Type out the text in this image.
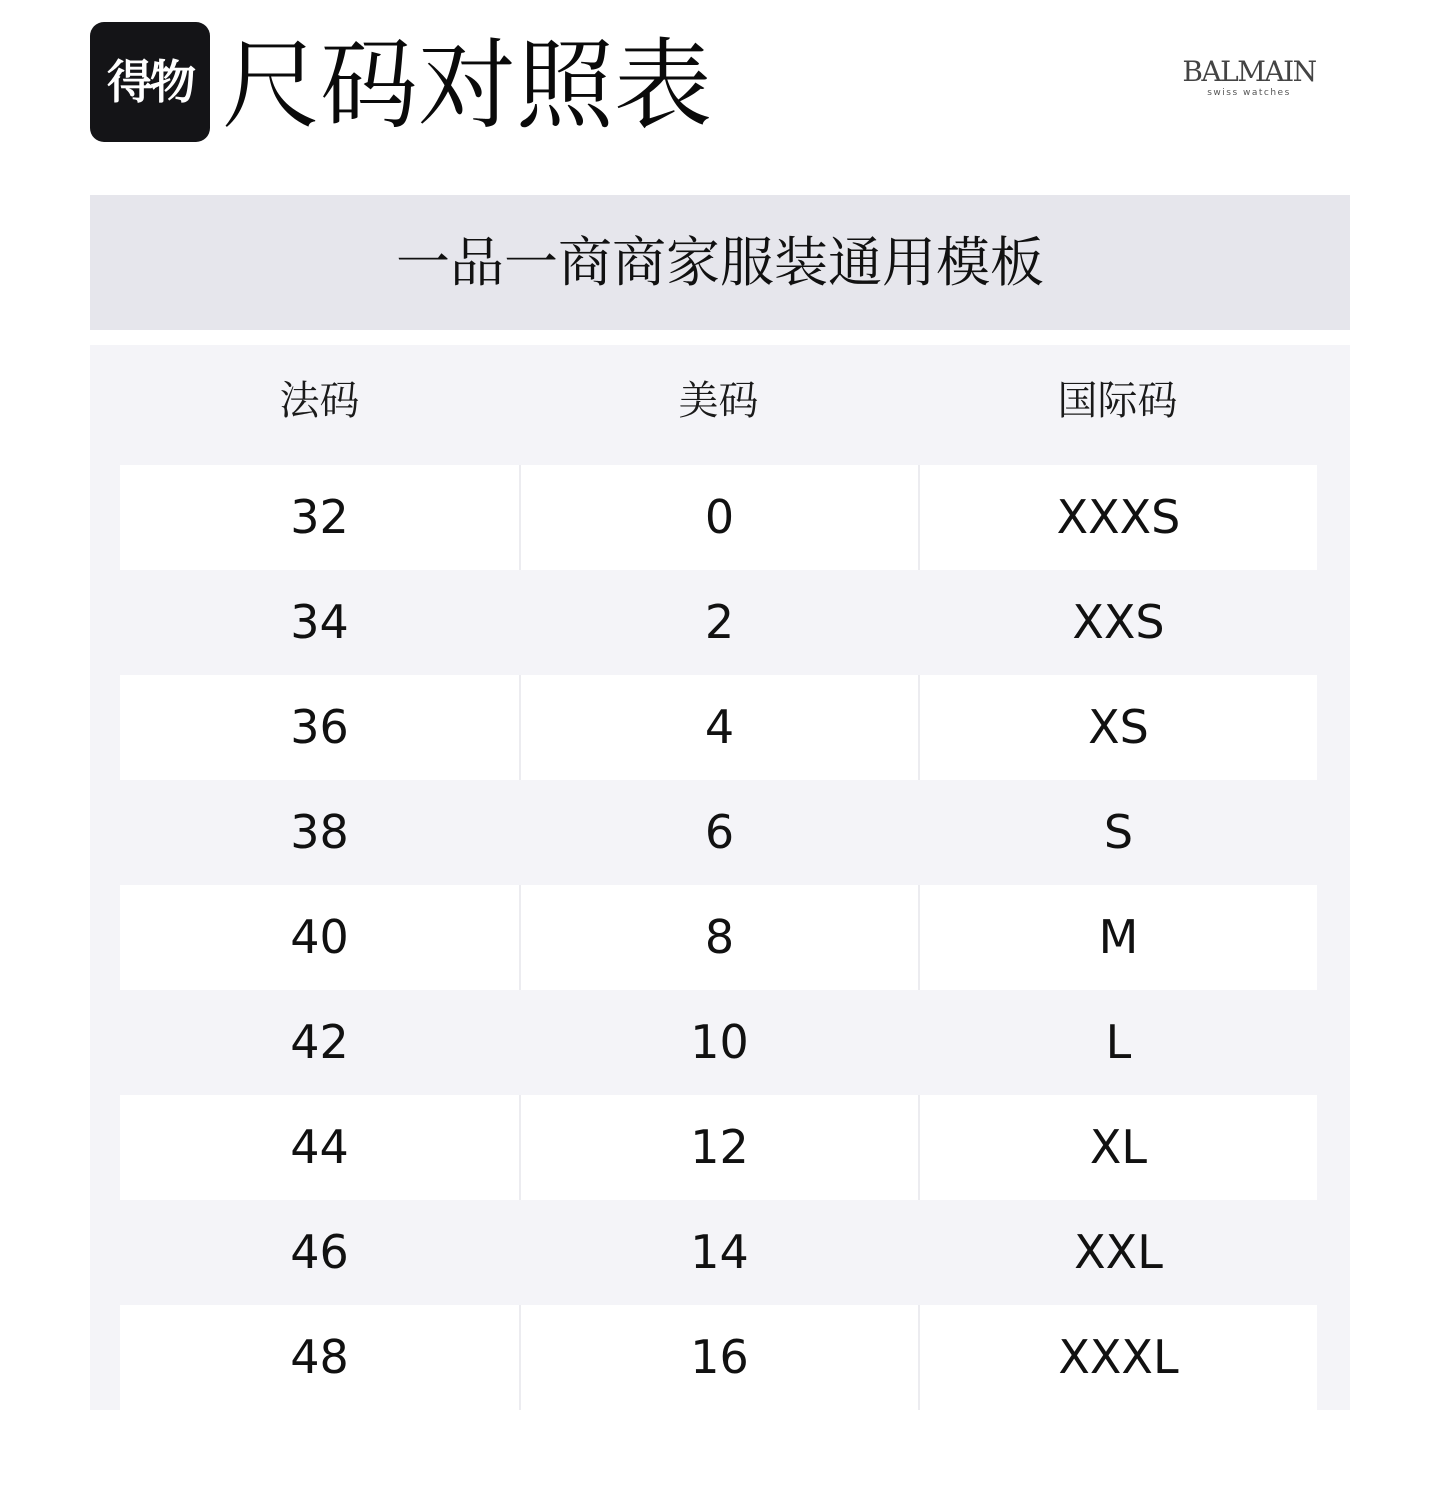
得物 尺码对照表	BALMAIN
swiss watches
一品一商商家服装通用模板
法码	美码	国际码
32	0	XXXS
34	2	XXS
36	4	XS
38	6	S
40	8	M
42	10	L
44	12	XL
46	14	XXL
48	16	XXXL
